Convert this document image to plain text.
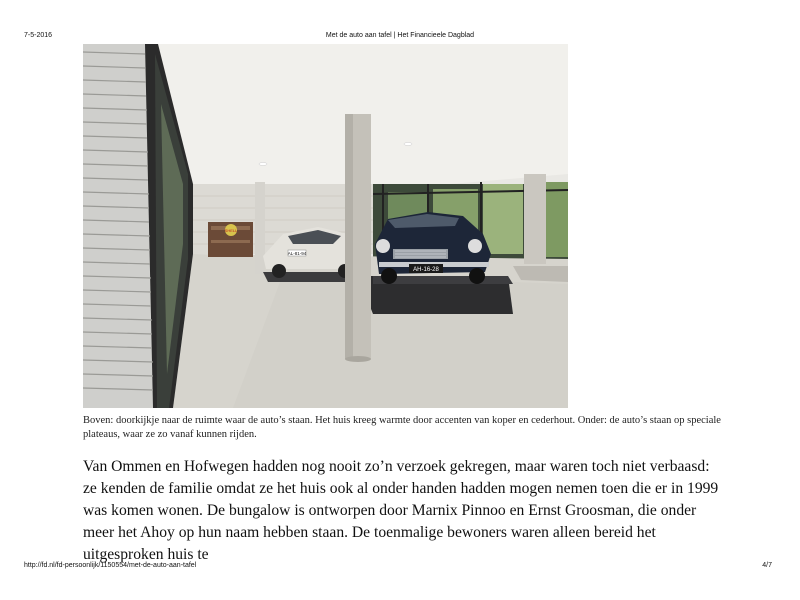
7-5-2016	Met de auto aan tafel | Het Financieele Dagblad
SHELL
AL-81-94
AH-16-28
Boven: doorkijkje naar de ruimte waar de auto’s staan. Het huis kreeg warmte door accenten van koper en cederhout. Onder: de auto’s staan op speciale plateaus, waar ze zo vanaf kunnen rijden.
Van Ommen en Hofwegen hadden nog nooit zo’n verzoek gekregen, maar waren toch niet verbaasd: ze kenden de familie omdat ze het huis ook al onder handen hadden mogen nemen toen die er in 1999 was komen wonen. De bungalow is ontworpen door Marnix Pinnoo en Ernst Groosman, die onder meer het Ahoy op hun naam hebben staan. De toenmalige bewoners waren alleen bereid het uitgesproken huis te
http://fd.nl/fd-persoonlijk/1150554/met-de-auto-aan-tafel	4/7
